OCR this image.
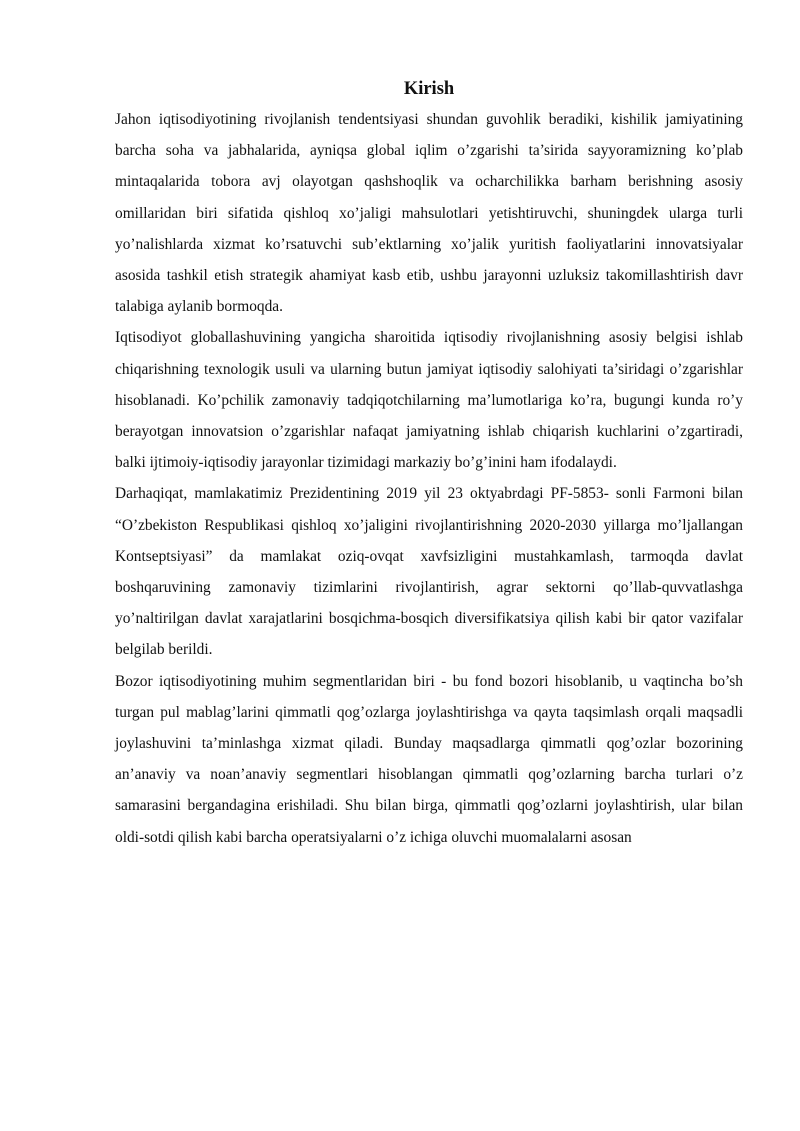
Kirish

Jahon iqtisodiyotining rivojlanish tendentsiyasi shundan guvohlik beradiki, kishilik jamiyatining barcha soha va jabhalarida, ayniqsa global iqlim o’zgarishi ta’sirida sayyoramizning ko’plab mintaqalarida tobora avj olayotgan qashshoqlik va ocharchilikka barham berishning asosiy omillaridan biri sifatida qishloq xo’jaligi mahsulotlari yetishtiruvchi, shuningdek ularga turli yo’nalishlarda xizmat ko’rsatuvchi sub’ektlarning xo’jalik yuritish faoliyatlarini innovatsiyalar asosida tashkil etish strategik ahamiyat kasb etib, ushbu jarayonni uzluksiz takomillashtirish davr talabiga aylanib bormoqda.

Iqtisodiyot globallashuvining yangicha sharoitida iqtisodiy rivojlanishning asosiy belgisi ishlab chiqarishning texnologik usuli va ularning butun jamiyat iqtisodiy salohiyati ta’siridagi o’zgarishlar hisoblanadi. Ko’pchilik zamonaviy tadqiqotchilarning ma’lumotlariga ko’ra, bugungi kunda ro’y berayotgan innovatsion o’zgarishlar nafaqat jamiyatning ishlab chiqarish kuchlarini o’zgartiradi, balki ijtimoiy-iqtisodiy jarayonlar tizimidagi markaziy bo’g’inini ham ifodalaydi.

Darhaqiqat, mamlakatimiz Prezidentining 2019 yil 23 oktyabrdagi PF-5853- sonli Farmoni bilan “O’zbekiston Respublikasi qishloq xo’jaligini rivojlantirishning 2020-2030 yillarga mo’ljallangan Kontseptsiyasi” da mamlakat oziq-ovqat xavfsizligini mustahkamlash, tarmoqda davlat boshqaruvining zamonaviy tizimlarini rivojlantirish, agrar sektorni qo’llab-quvvatlashga yo’naltirilgan davlat xarajatlarini bosqichma-bosqich diversifikatsiya qilish kabi bir qator vazifalar belgilab berildi.

Bozor iqtisodiyotining muhim segmentlaridan biri - bu fond bozori hisoblanib, u vaqtincha bo’sh turgan pul mablag’larini qimmatli qog’ozlarga joylashtirishga va qayta taqsimlash orqali maqsadli joylashuvini ta’minlashga xizmat qiladi. Bunday maqsadlarga qimmatli qog’ozlar bozorining an’anaviy va noan’anaviy segmentlari hisoblangan qimmatli qog’ozlarning barcha turlari o’z samarasini bergandagina erishiladi. Shu bilan birga, qimmatli qog’ozlarni joylashtirish, ular bilan oldi-sotdi qilish kabi barcha operatsiyalarni o’z ichiga oluvchi muomalalarni asosan
